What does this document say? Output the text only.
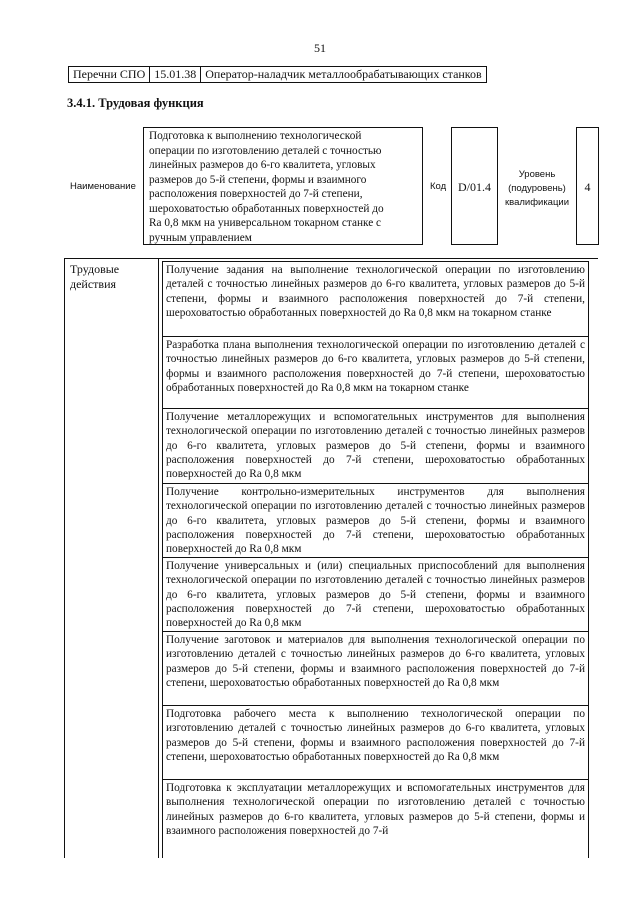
51
Перечни СПО 15.01.38 Оператор-наладчик металлообрабатывающих станков
3.4.1. Трудовая функция
Наименование
Подготовка к выполнению технологической
операции по изготовлению деталей с точностью
линейных размеров до 6-го квалитета, угловых
размеров до 5-й степени, формы и взаимного
расположения поверхностей до 7-й степени,
шероховатостью обработанных поверхностей до
Ra 0,8 мкм на универсальном токарном станке с
ручным управлением
Код D/01.4
Уровень
(подуровень)
квалификации
4
Трудовые
действия
Получение задания на выполнение технологической операции по изготовлению деталей с точностью линейных размеров до 6-го квалитета, угловых размеров до 5-й степени, формы и взаимного расположения поверхностей до 7-й степени, шероховатостью обработанных поверхностей до Ra 0,8 мкм на токарном станке
Разработка плана выполнения технологической операции по изготовлению деталей с точностью линейных размеров до 6-го квалитета, угловых размеров до 5-й степени, формы и взаимного расположения поверхностей до 7-й степени, шероховатостью обработанных поверхностей до Ra 0,8 мкм на токарном станке
Получение металлорежущих и вспомогательных инструментов для выполнения технологической операции по изготовлению деталей с точностью линейных размеров до 6-го квалитета, угловых размеров до 5-й степени, формы и взаимного расположения поверхностей до 7-й степени, шероховатостью обработанных поверхностей до Ra 0,8 мкм
Получение контрольно-измерительных инструментов для выполнения технологической операции по изготовлению деталей с точностью линейных размеров до 6-го квалитета, угловых размеров до 5-й степени, формы и взаимного расположения поверхностей до 7-й степени, шероховатостью обработанных поверхностей до Ra 0,8 мкм
Получение универсальных и (или) специальных приспособлений для выполнения технологической операции по изготовлению деталей с точностью линейных размеров до 6-го квалитета, угловых размеров до 5-й степени, формы и взаимного расположения поверхностей до 7-й степени, шероховатостью обработанных поверхностей до Ra 0,8 мкм
Получение заготовок и материалов для выполнения технологической операции по изготовлению деталей с точностью линейных размеров до 6-го квалитета, угловых размеров до 5-й степени, формы и взаимного расположения поверхностей до 7-й степени, шероховатостью обработанных поверхностей до Ra 0,8 мкм
Подготовка рабочего места к выполнению технологической операции по изготовлению деталей с точностью линейных размеров до 6-го квалитета, угловых размеров до 5-й степени, формы и взаимного расположения поверхностей до 7-й степени, шероховатостью обработанных поверхностей до Ra 0,8 мкм
Подготовка к эксплуатации металлорежущих и вспомогательных инструментов для выполнения технологической операции по изготовлению деталей с точностью линейных размеров до 6-го квалитета, угловых размеров до 5-й степени, формы и взаимного расположения поверхностей до 7-й
